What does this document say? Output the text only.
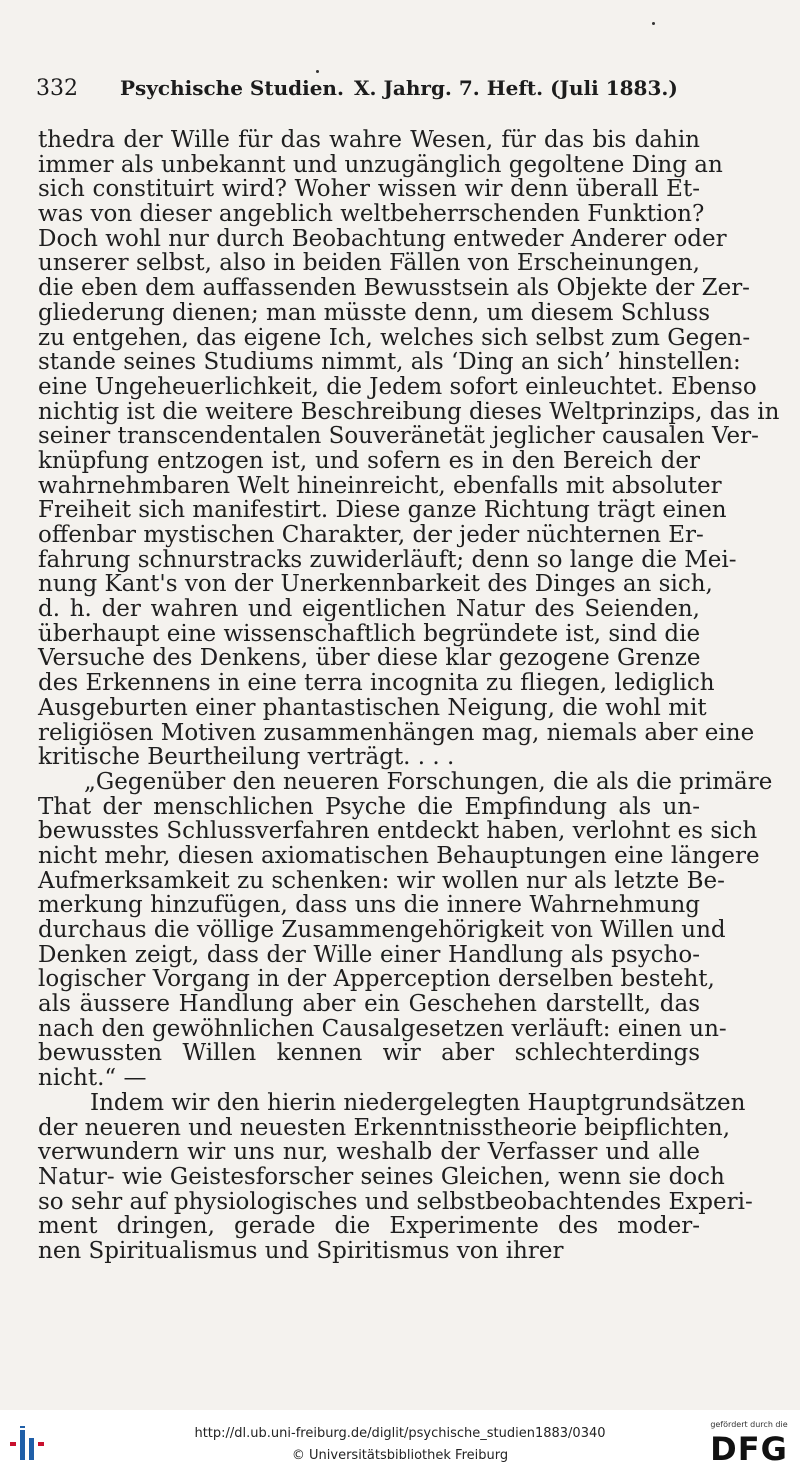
332 Psychische Studien. X. Jahrg. 7. Heft. (Juli 1883.)
thedra der Wille für das wahre Wesen, für das bis dahin
immer als unbekannt und unzugänglich gegoltene Ding an
sich constituirt wird? Woher wissen wir denn überall Et-
was von dieser angeblich weltbeherrschenden Funktion?
Doch wohl nur durch Beobachtung entweder Anderer oder
unserer selbst, also in beiden Fällen von Erscheinungen,
die eben dem auffassenden Bewusstsein als Objekte der Zer-
gliederung dienen; man müsste denn, um diesem Schluss
zu entgehen, das eigene Ich, welches sich selbst zum Gegen-
stande seines Studiums nimmt, als ‘Ding an sich’ hinstellen:
eine Ungeheuerlichkeit, die Jedem sofort einleuchtet. Ebenso
nichtig ist die weitere Beschreibung dieses Weltprinzips, das in
seiner transcendentalen Souveränetät jeglicher causalen Ver-
knüpfung entzogen ist, und sofern es in den Bereich der
wahrnehmbaren Welt hineinreicht, ebenfalls mit absoluter
Freiheit sich manifestirt. Diese ganze Richtung trägt einen
offenbar mystischen Charakter, der jeder nüchternen Er-
fahrung schnurstracks zuwiderläuft; denn so lange die Mei-
nung Kant's von der Unerkennbarkeit des Dinges an sich,
d. h. der wahren und eigentlichen Natur des Seienden,
überhaupt eine wissenschaftlich begründete ist, sind die
Versuche des Denkens, über diese klar gezogene Grenze
des Erkennens in eine terra incognita zu fliegen, lediglich
Ausgeburten einer phantastischen Neigung, die wohl mit
religiösen Motiven zusammenhängen mag, niemals aber eine
kritische Beurtheilung verträgt. . . .
„Gegenüber den neueren Forschungen, die als die primäre
That der menschlichen Psyche die Empfindung als un-
bewusstes Schlussverfahren entdeckt haben, verlohnt es sich
nicht mehr, diesen axiomatischen Behauptungen eine längere
Aufmerksamkeit zu schenken: wir wollen nur als letzte Be-
merkung hinzufügen, dass uns die innere Wahrnehmung
durchaus die völlige Zusammengehörigkeit von Willen und
Denken zeigt, dass der Wille einer Handlung als psycho-
logischer Vorgang in der Apperception derselben besteht,
als äussere Handlung aber ein Geschehen darstellt, das
nach den gewöhnlichen Causalgesetzen verläuft: einen un-
bewussten Willen kennen wir aber schlechterdings
nicht.“ —
Indem wir den hierin niedergelegten Hauptgrundsätzen
der neueren und neuesten Erkenntnisstheorie beipflichten,
verwundern wir uns nur, weshalb der Verfasser und alle
Natur- wie Geistesforscher seines Gleichen, wenn sie doch
so sehr auf physiologisches und selbstbeobachtendes Experi-
ment dringen, gerade die Experimente des moder-
nen Spiritualismus und Spiritismus von ihrer
http://dl.ub.uni-freiburg.de/diglit/psychische_studien1883/0340
© Universitätsbibliothek Freiburg
gefördert durch die
DFG
